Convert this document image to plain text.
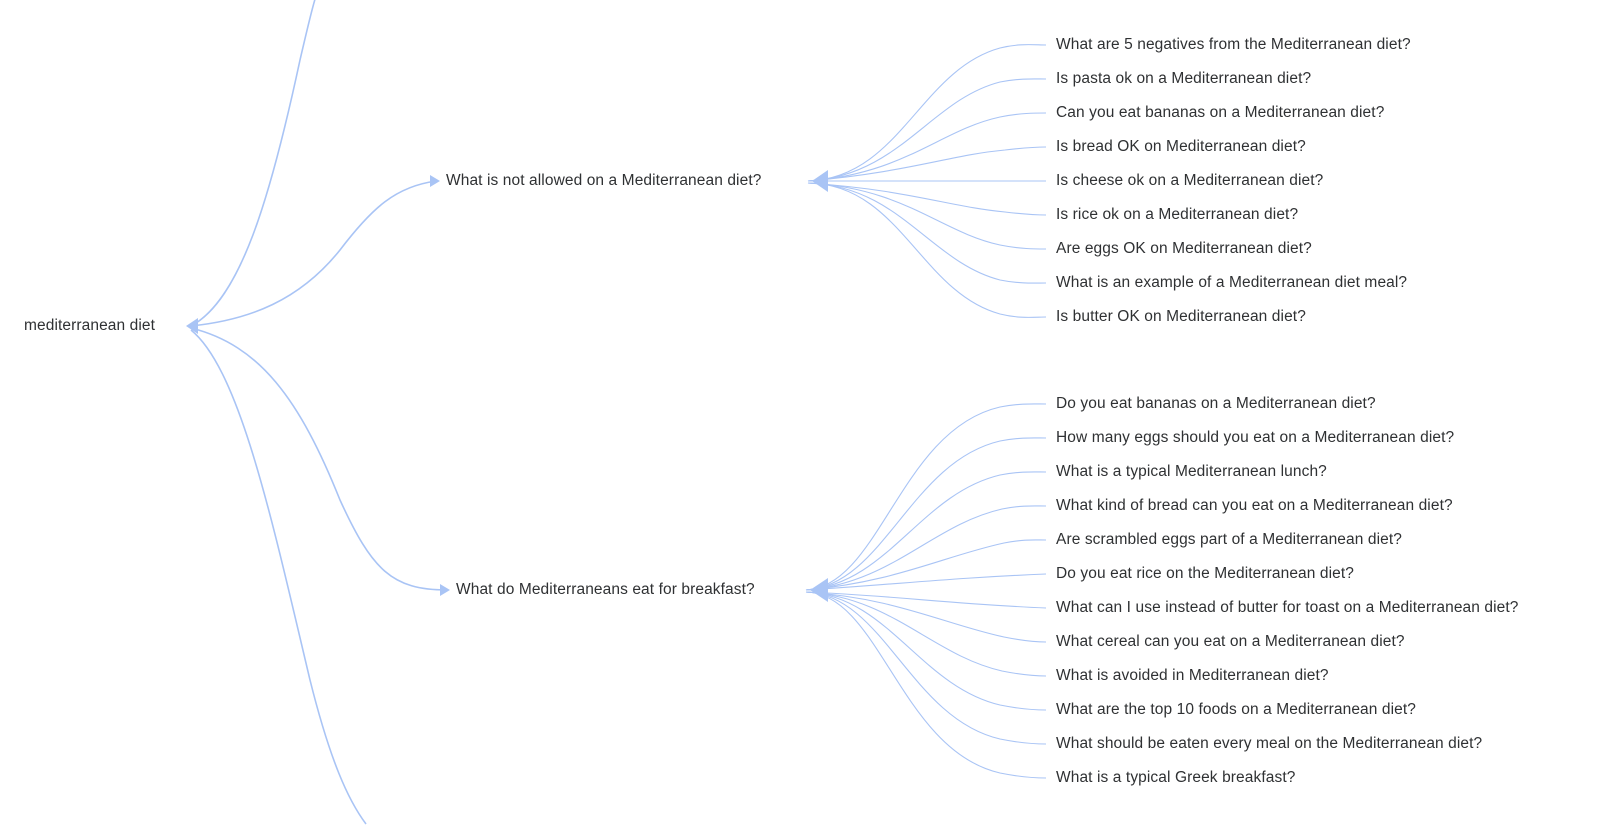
mediterranean diet
What is not allowed on a Mediterranean diet?
What are 5 negatives from the Mediterranean diet?
Is pasta ok on a Mediterranean diet?
Can you eat bananas on a Mediterranean diet?
Is bread OK on Mediterranean diet?
Is cheese ok on a Mediterranean diet?
Is rice ok on a Mediterranean diet?
Are eggs OK on Mediterranean diet?
What is an example of a Mediterranean diet meal?
Is butter OK on Mediterranean diet?
What do Mediterraneans eat for breakfast?
Do you eat bananas on a Mediterranean diet?
How many eggs should you eat on a Mediterranean diet?
What is a typical Mediterranean lunch?
What kind of bread can you eat on a Mediterranean diet?
Are scrambled eggs part of a Mediterranean diet?
Do you eat rice on the Mediterranean diet?
What can I use instead of butter for toast on a Mediterranean diet?
What cereal can you eat on a Mediterranean diet?
What is avoided in Mediterranean diet?
What are the top 10 foods on a Mediterranean diet?
What should be eaten every meal on the Mediterranean diet?
What is a typical Greek breakfast?
